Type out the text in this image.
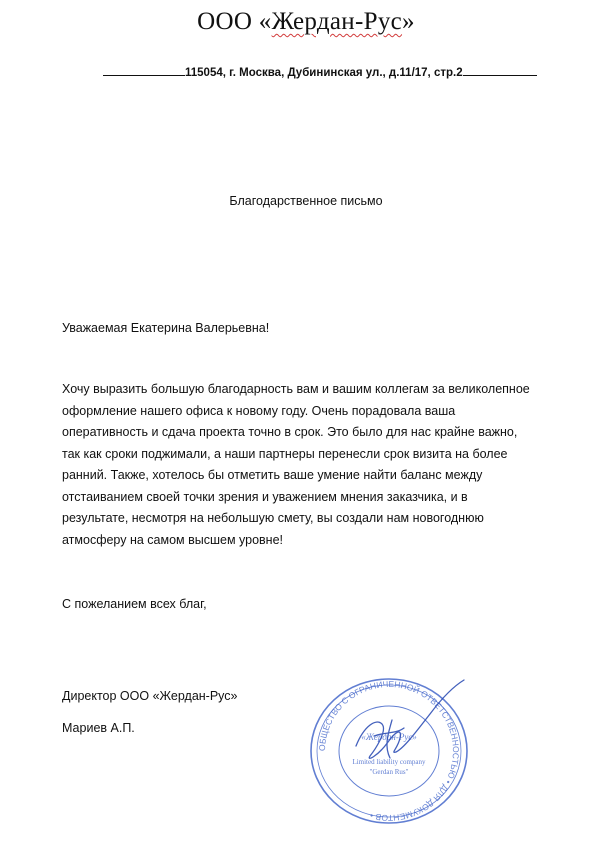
ООО «Жердан-Рус»
115054, г. Москва, Дубининская ул., д.11/17, стр.2
Благодарственное письмо
Уважаемая Екатерина Валерьевна!
Хочу выразить большую благодарность вам и вашим коллегам за великолепное
оформление нашего офиса к новому году. Очень порадовала ваша
оперативность и сдача проекта точно в срок. Это было для нас крайне важно,
так как сроки поджимали, а наши партнеры перенесли срок визита на более
ранний. Также, хотелось бы отметить ваше умение найти баланс между
отстаиванием своей точки зрения и уважением мнения заказчика, и в
результате, несмотря на небольшую смету, вы создали нам новогоднюю
атмосферу на самом высшем уровне!
С пожеланием всех благ,
Директор ООО «Жердан-Рус»
Мариев А.П.
ОБЩЕСТВО С ОГРАНИЧЕННОЙ ОТВЕТСТВЕННОСТЬЮ • ДЛЯ ДОКУМЕНТОВ •
«Жердан-Рус»
Limited liability company
"Gerdan Rus"
